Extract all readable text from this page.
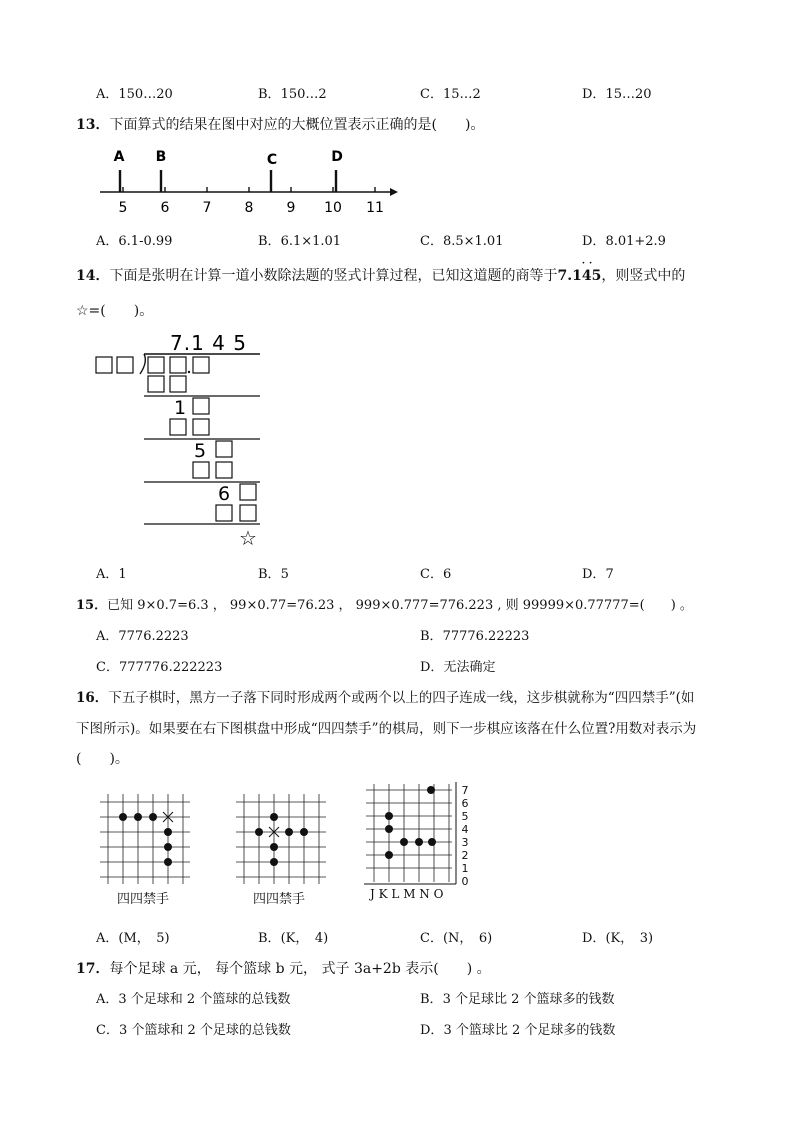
A．150…20	B．150…2	C．15…2	D．15…20
13．下面算式的结果在图中对应的大概位置表示正确的是(　　)。
5 6 7 8 9 10 11
A B	C	D
A．6.1-0.99	B．6.1×1.01	C．8.5×1.01	D．8.01+2.9
14．下面是张明在计算一道小数除法题的竖式计算过程，已知这道题的商等于7.1
··
45，则竖式中的
☆=(　　)。
7.1 4 5
1
5
6
☆
A．1	B．5	C．6	D．7
15．已知 9×0.7=6.3 ， 99×0.77=76.23 ， 999×0.777=776.223 , 则 99999×0.77777=(　　) 。
A．7776.2223	B．77776.22223
C．777776.222223	D．无法确定
16．下五子棋时，黑方一子落下同时形成两个或两个以上的四子连成一线，这步棋就称为“四四禁手”(如
下图所示)。如果要在右下图棋盘中形成“四四禁手”的棋局，则下一步棋应该落在什么位置?用数对表示为
(　　)。
四四禁手	四四禁手
7
6
5
4
3
2
1
0
J K L M N O
A．(M，　5)	B．(K，　4)	C．(N，　6)	D．(K，　3)
17．每个足球 a 元， 每个篮球 b 元， 式子 3a+2b 表示(　　) 。
A．3 个足球和 2 个篮球的总钱数	B．3 个足球比 2 个篮球多的钱数
C．3 个篮球和 2 个足球的总钱数	D．3 个篮球比 2 个足球多的钱数
